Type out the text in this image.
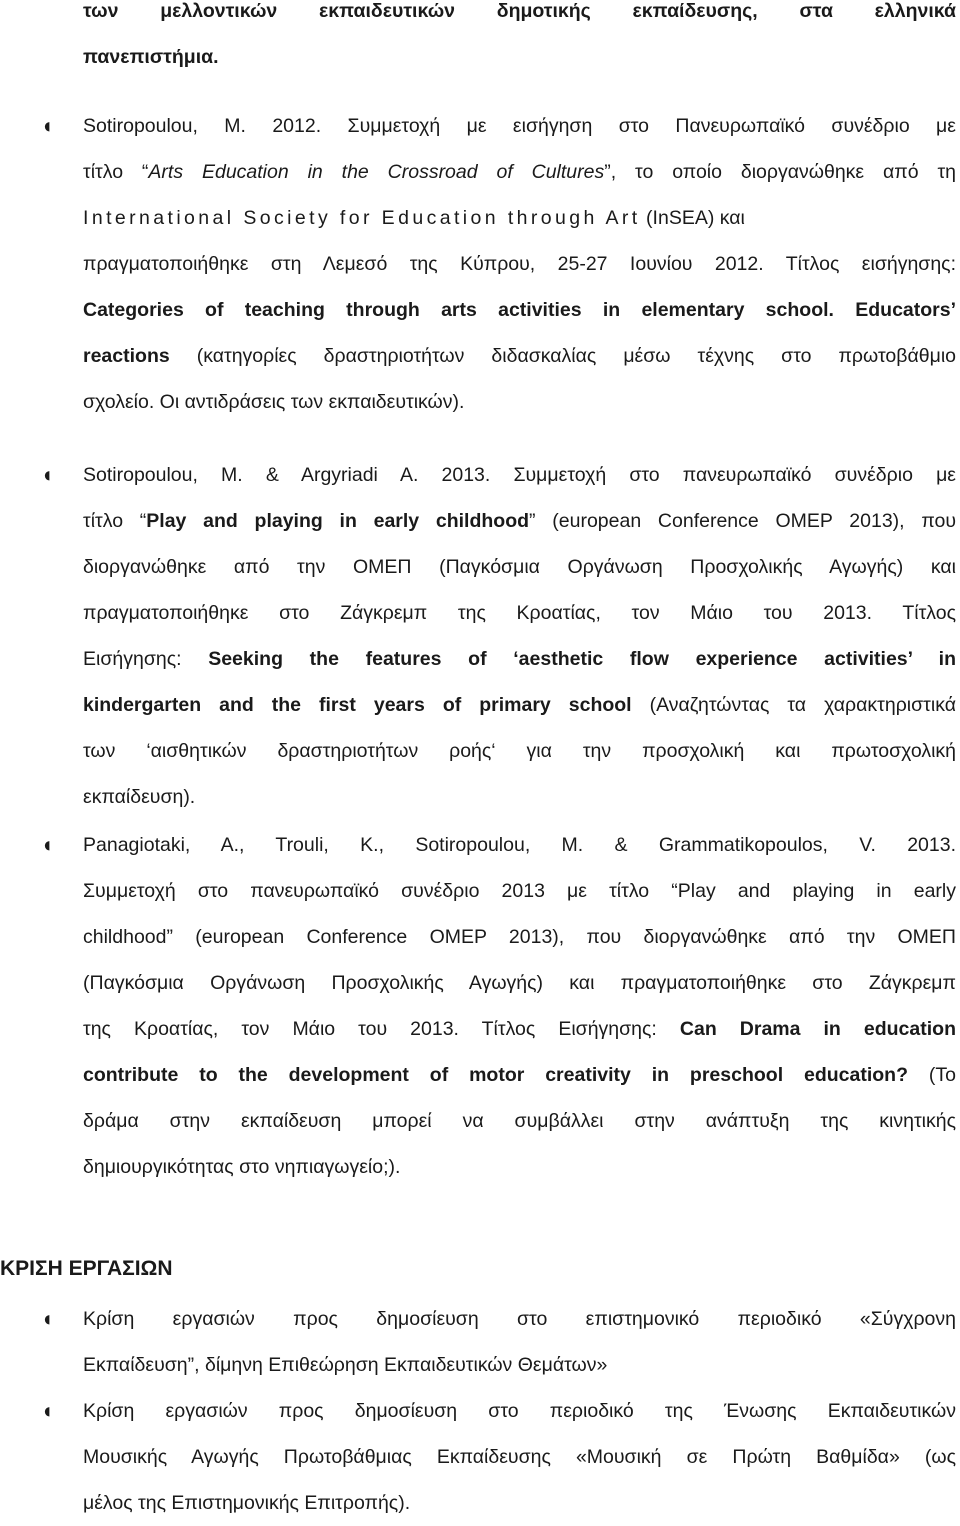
των μελλοντικών εκπαιδευτικών δημοτικής εκπαίδευσης, στα ελληνικά
πανεπιστήμια.
◖ Sotiropoulou, M. 2012. Συμμετοχή με εισήγηση στο Πανευρωπαϊκό συνέδριο με
τίτλο “Arts Education in the Crossroad of Cultures”, το οποίο διοργανώθηκε από τη
International Society for Education through Art (InSEA) και
πραγματοποιήθηκε στη Λεμεσό της Κύπρου, 25-27 Ιουνίου 2012. Τίτλος εισήγησης:
Categories of teaching through arts activities in elementary school. Educators’
reactions (κατηγορίες δραστηριοτήτων διδασκαλίας μέσω τέχνης στο πρωτοβάθμιο
σχολείο. Οι αντιδράσεις των εκπαιδευτικών).
◖ Sotiropoulou, M. & Argyriadi A. 2013. Συμμετοχή στο πανευρωπαϊκό συνέδριο με
τίτλο “Play and playing in early childhood” (european Conference OMEP 2013), που
διοργανώθηκε από την ΟΜΕΠ (Παγκόσμια Οργάνωση Προσχολικής Αγωγής) και
πραγματοποιήθηκε στο Ζάγκρεμπ της Κροατίας, τον Μάιο του 2013. Τίτλος
Εισήγησης: Seeking the features of ‘aesthetic flow experience activities’ in
kindergarten and the first years of primary school (Αναζητώντας τα χαρακτηριστικά
των ‘αισθητικών δραστηριοτήτων ροής‘ για την προσχολική και πρωτοσχολική
εκπαίδευση).
◖ Panagiotaki, A., Trouli, K., Sotiropoulou, M. & Grammatikopoulos, V. 2013.
Συμμετοχή στο πανευρωπαϊκό συνέδριο 2013 με τίτλο “Play and playing in early
childhood” (european Conference OMEP 2013), που διοργανώθηκε από την ΟΜΕΠ
(Παγκόσμια Οργάνωση Προσχολικής Αγωγής) και πραγματοποιήθηκε στο Ζάγκρεμπ
της Κροατίας, τον Μάιο του 2013. Τίτλος Εισήγησης: Can Drama in education
contribute to the development of motor creativity in preschool education? (Το
δράμα στην εκπαίδευση μπορεί να συμβάλλει στην ανάπτυξη της κινητικής
δημιουργικότητας στο νηπιαγωγείο;).
ΚΡΙΣΗ ΕΡΓΑΣΙΩΝ
◖ Κρίση εργασιών προς δημοσίευση στο επιστημονικό περιοδικό «Σύγχρονη
Εκπαίδευση”, δίμηνη Επιθεώρηση Εκπαιδευτικών Θεμάτων»
◖ Κρίση εργασιών προς δημοσίευση στο περιοδικό της Ένωσης Εκπαιδευτικών
Μουσικής Αγωγής Πρωτοβάθμιας Εκπαίδευσης «Μουσική σε Πρώτη Βαθμίδα» (ως
μέλος της Επιστημονικής Επιτροπής).
